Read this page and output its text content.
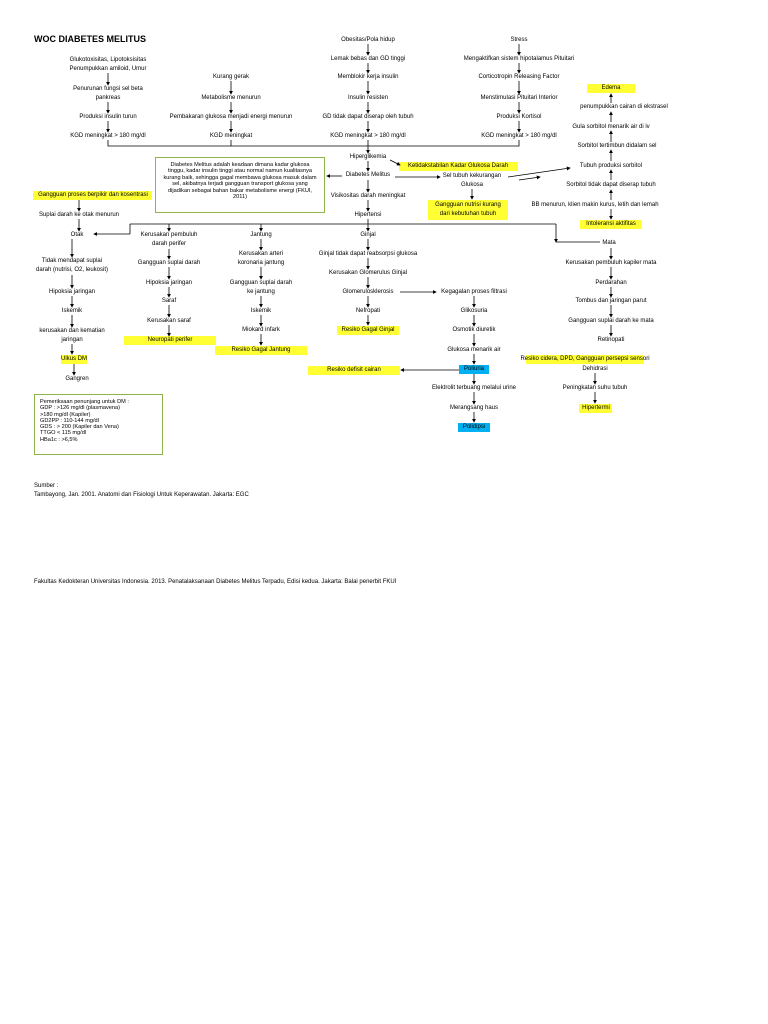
WOC DIABETES MELITUS
Glukotoxisitas, Lipotoksisitas
Penumpukkan amiloid, Umur
Penurunan fungsi sel beta
pankreas
Produksi insulin turun
KGD meningkat > 180 mg/dl
Kurang gerak
Metabolisme menurun
Pembakaran glukosa menjadi energi menurun
KGD meningkat
Obesitas/Pola hidup
Lemak bebas dan GD tinggi
Memblokir kerja insulin
Insulin resisten
GD tidak dapat diserap oleh tubuh
KGD meningkat > 180 mg/dl
Stress
Mengaktifkan sistem hipotalamus Pituitari
Corticotropin Releasing Factor
Menstimulasi Pituitari Interior
Produksi Kortisol
KGD meningkat > 180 mg/dl
Edema
penumpukkan cairan di ekstrasel
Gula sorbitol menarik air di iv
Sorbitol tertimbun didalam sel
Tubuh produksi sorbitol
Sorbitol tidak dapat diserap tubuh
BB menurun, klien makin kurus, letih dan lemah
Intoleransi aktifitas
Hiperglikemia
Diabetes Melitus
Visikositas darah meningkat
Hipertensi
Ketidakstabilan Kadar Glukosa Darah
Sel tubuh kekurangan
Glukosa
Gangguan nutrisi kurang
dari kebutuhan tubuh
Diabetes Melitus adalah keadaan dimana kadar glukosa tinggu, kadar insulin tinggi atau normal namun kualitasnya kurang baik, sehingga gagal membawa glukosa masuk dalam sel, akibatnya terjadi gangguan transport glukosa yang dijadikan sebagai bahan bakar metabolisme energi (FKUI, 2011)
Gangguan proses berpikir dan kosentrasi
Suplai darah ke otak menurun
Otak
Tidak mendapat suplai
darah (nutrisi, O2, leukosit)
Hipoksia jaringan
Iskemik
kerusakan dan kematian
jaringan
Ulkus DM
Gangren
Kerusakan pembuluh
darah perifer
Gangguan suplai darah
Hipoksia jaringan
Saraf
Kerusakan saraf
Neuropati perifer
Jantung
Kerusakan arteri
koronaria jantung
Gangguan suplai darah
ke jantung
Iskemik
Miokard infark
Resiko Gagal Jantung
Ginjal
Ginjal tidak dapat reabsorpsi glukosa
Kerusakan Glomerulus Ginjal
Glomerulosklerosis
Nefropati
Resiko Gagal Ginjal
Resiko defisit cairan
Kegagalan proses filtrasi
Glikosuria
Osmotik diuretik
Glukosa menarik air
Poliuria
Elektrolit terbuang melalui urine
Merangsang haus
Polidipsi
Mata
Kerusakan pembuluh kapiler mata
Perdarahan
Tombus dan jaringan parut
Gangguan suplai darah ke mata
Retinopati
Resiko cidera, DPD, Gangguan persepsi sensori
Dehidrasi
Peningkatan suhu tubuh
Hipertermi
Pemeriksaan penunjang untuk DM :
GDP : >126 mg/dl (plasmavena)
>180 mg/dl (Kapiler)
GD2PP : 110-144 mg/dl
GDS : > 200 (Kapiler dan Vena)
TTGO < 115 mg/dl
HBa1c : >6,5%
Sumber :
Tambayong, Jan. 2001. Anatomi dan Fisiologi Untuk Keperawatan. Jakarta: EGC
Fakultas Kedokteran Universitas Indonesia. 2013. Penatalaksanaan Diabetes Melitus Terpadu, Edisi kedua. Jakarta: Balai penerbit FKUI
